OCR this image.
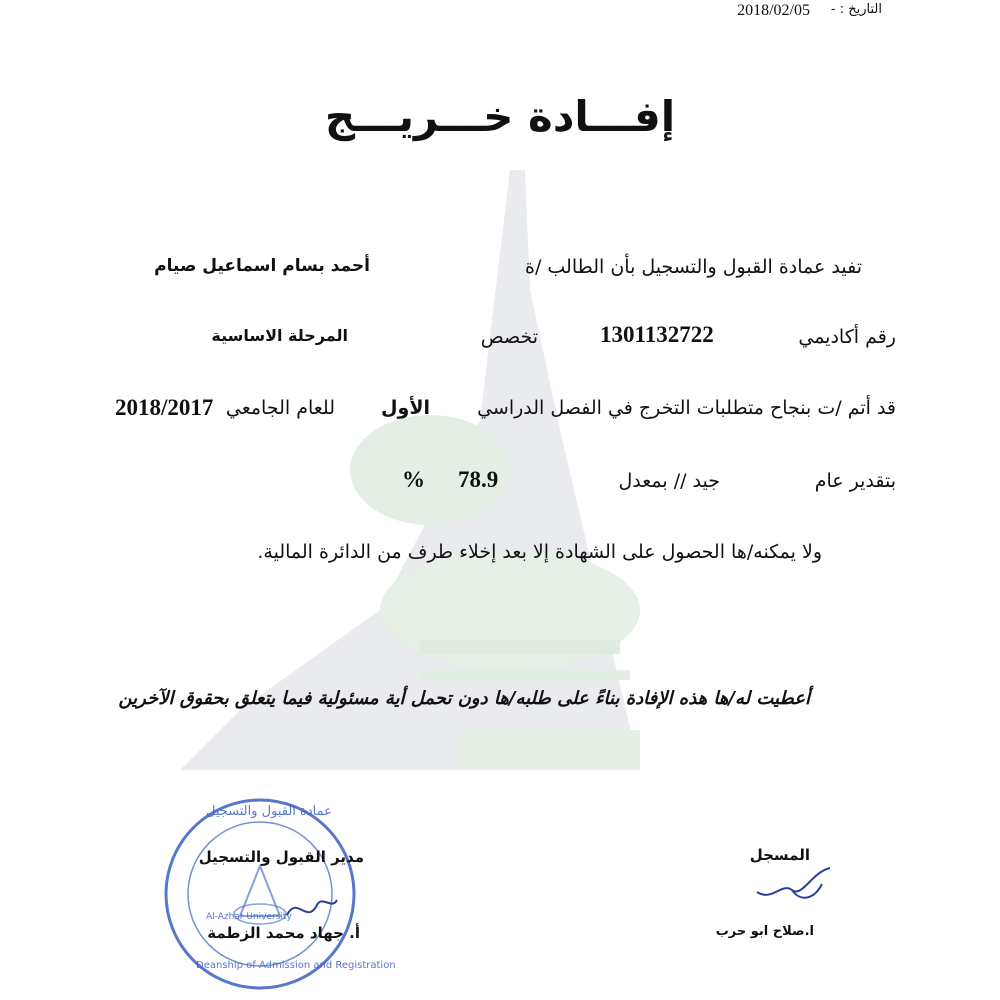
التاريخ : -
2018/02/05
إفـــادة خـــريـــج
تفيد عمادة القبول والتسجيل بأن الطالب /ة
أحمد بسام اسماعيل صيام
رقم أكاديمي
1301132722
تخصص
المرحلة الاساسية
قد أتم /ت بنجاح متطلبات التخرج في الفصل الدراسي
الأول
للعام الجامعي
2018/2017
بتقدير عام
جيد // بمعدل
78.9
%
ولا يمكنه/ها الحصول على الشهادة إلا بعد إخلاء طرف من الدائرة المالية.
أعطيت له/ها هذه الإفادة بناءً على طلبه/ها دون تحمل أية مسئولية فيما يتعلق بحقوق الآخرين
المسجل
ا.صلاح ابو حرب
عمادة القبول والتسجيل
Deanship of Admission and Registration
Al-Azhar University
مدير القبول والتسجيل
أ. جهاد محمد الزطمة
